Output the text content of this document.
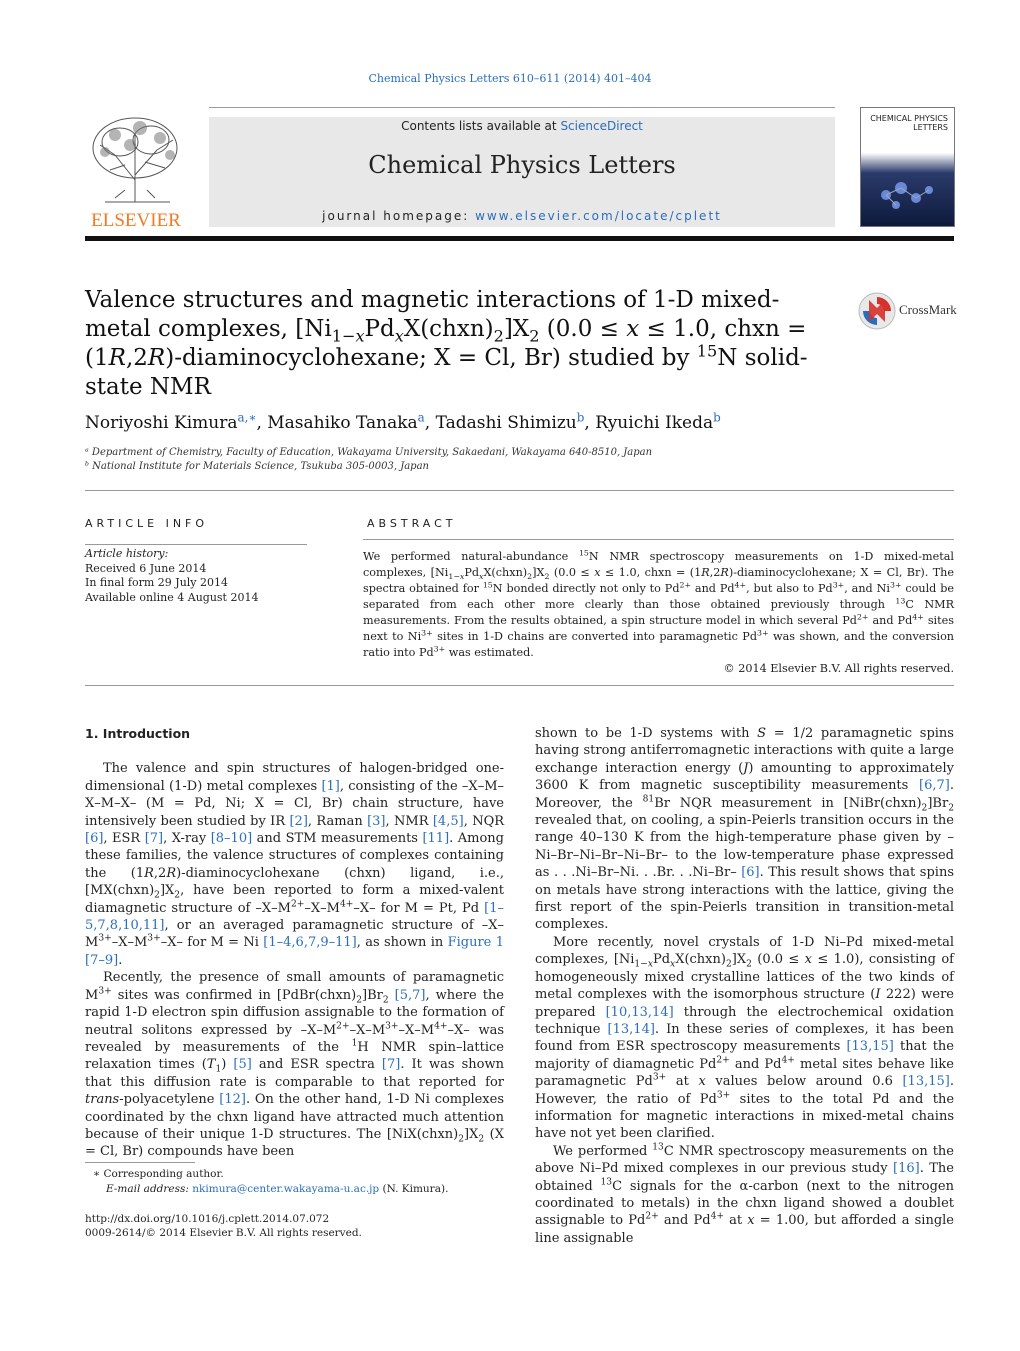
Chemical Physics Letters 610–611 (2014) 401–404
ELSEVIER
Contents lists available at ScienceDirect
Chemical Physics Letters
journal homepage: www.elsevier.com/locate/cplett
CHEMICAL PHYSICS LETTERS
Valence structures and magnetic interactions of 1-D mixed-metal complexes, $[Ni_{1-x}Pd_xX(chxn)_2]X_2$ (0.0 ≤ x ≤ 1.0, chxn = (1R,2R)-diaminocyclohexane; X = Cl, Br) studied by $^{15}$N solid-state NMR
CrossMark
Noriyoshi Kimura$^{a,∗}$, Masahiko Tanaka$^a$, Tadashi Shimizu$^b$, Ryuichi Ikeda$^b$
ᵃ Department of Chemistry, Faculty of Education, Wakayama University, Sakaedani, Wakayama 640-8510, Japan
ᵇ National Institute for Materials Science, Tsukuba 305-0003, Japan
ARTICLE INFO
Article history:
Received 6 June 2014
In final form 29 July 2014
Available online 4 August 2014
ABSTRACT
We performed natural-abundance $^{15}$N NMR spectroscopy measurements on 1-D mixed-metal complexes, $[Ni_{1-x}Pd_xX(chxn)_2]X_2$ (0.0 ≤ x ≤ 1.0, chxn = (1R,2R)-diaminocyclohexane; X = Cl, Br). The spectra obtained for $^{15}$N bonded directly not only to $Pd^{2+}$ and $Pd^{4+}$, but also to $Pd^{3+}$, and $Ni^{3+}$ could be separated from each other more clearly than those obtained previously through $^{13}$C NMR measurements. From the results obtained, a spin structure model in which several $Pd^{2+}$ and $Pd^{4+}$ sites next to $Ni^{3+}$ sites in 1-D chains are converted into paramagnetic $Pd^{3+}$ was shown, and the conversion ratio into $Pd^{3+}$ was estimated.
© 2014 Elsevier B.V. All rights reserved.
1. Introduction

The valence and spin structures of halogen-bridged one-dimensional (1-D) metal complexes [1], consisting of the –X–M–X–M–X– (M = Pd, Ni; X = Cl, Br) chain structure, have intensively been studied by IR [2], Raman [3], NMR [4,5], NQR [6], ESR [7], X-ray [8–10] and STM measurements [11]. Among these families, the valence structures of complexes containing the (1R,2R)-diaminocyclohexane (chxn) ligand, i.e., $[MX(chxn)_2]X_2$, have been reported to form a mixed-valent diamagnetic structure of $-X-M^{2+}-X-M^{4+}-X-$ for M = Pt, Pd [1–5,7,8,10,11], or an averaged paramagnetic structure of $-X-M^{3+}-X-M^{3+}-X-$ for M = Ni [1–4,6,7,9–11], as shown in Figure 1 [7–9].

Recently, the presence of small amounts of paramagnetic $M^{3+}$ sites was confirmed in $[PdBr(chxn)_2]Br_2$ [5,7], where the rapid 1-D electron spin diffusion assignable to the formation of neutral solitons expressed by $-X-M^{2+}-X-M^{3+}-X-M^{4+}-X-$ was revealed by measurements of the $^1$H NMR spin–lattice relaxation times $(T_1)$ [5] and ESR spectra [7]. It was shown that this diffusion rate is comparable to that reported for trans-polyacetylene [12]. On the other hand, 1-D Ni complexes coordinated by the chxn ligand have attracted much attention because of their unique 1-D structures. The $[NiX(chxn)_2]X_2$ (X = Cl, Br) compounds have been

shown to be 1-D systems with S = 1/2 paramagnetic spins having strong antiferromagnetic interactions with quite a large exchange interaction energy (J) amounting to approximately 3600 K from magnetic susceptibility measurements [6,7]. Moreover, the $^{81}$Br NQR measurement in $[NiBr(chxn)_2]Br_2$ revealed that, on cooling, a spin-Peierls transition occurs in the range 40–130 K from the high-temperature phase given by –Ni–Br–Ni–Br–Ni–Br– to the low-temperature phase expressed as . . .Ni–Br–Ni. . .Br. . .Ni–Br– [6]. This result shows that spins on metals have strong interactions with the lattice, giving the first report of the spin-Peierls transition in transition-metal complexes.

More recently, novel crystals of 1-D Ni–Pd mixed-metal complexes, $[Ni_{1-x}Pd_xX(chxn)_2]X_2$ (0.0 ≤ x ≤ 1.0), consisting of homogeneously mixed crystalline lattices of the two kinds of metal complexes with the isomorphous structure (I 222) were prepared [10,13,14] through the electrochemical oxidation technique [13,14]. In these series of complexes, it has been found from ESR spectroscopy measurements [13,15] that the majority of diamagnetic $Pd^{2+}$ and $Pd^{4+}$ metal sites behave like paramagnetic $Pd^{3+}$ at x values below around 0.6 [13,15]. However, the ratio of $Pd^{3+}$ sites to the total Pd and the information for magnetic interactions in mixed-metal chains have not yet been clarified.

We performed $^{13}$C NMR spectroscopy measurements on the above Ni–Pd mixed complexes in our previous study [16]. The obtained $^{13}$C signals for the α-carbon (next to the nitrogen coordinated to metals) in the chxn ligand showed a doublet assignable to $Pd^{2+}$ and $Pd^{4+}$ at x = 1.00, but afforded a single line assignable

∗ Corresponding author.
E-mail address: nkimura@center.wakayama-u.ac.jp (N. Kimura).
http://dx.doi.org/10.1016/j.cplett.2014.07.072
0009-2614/© 2014 Elsevier B.V. All rights reserved.
